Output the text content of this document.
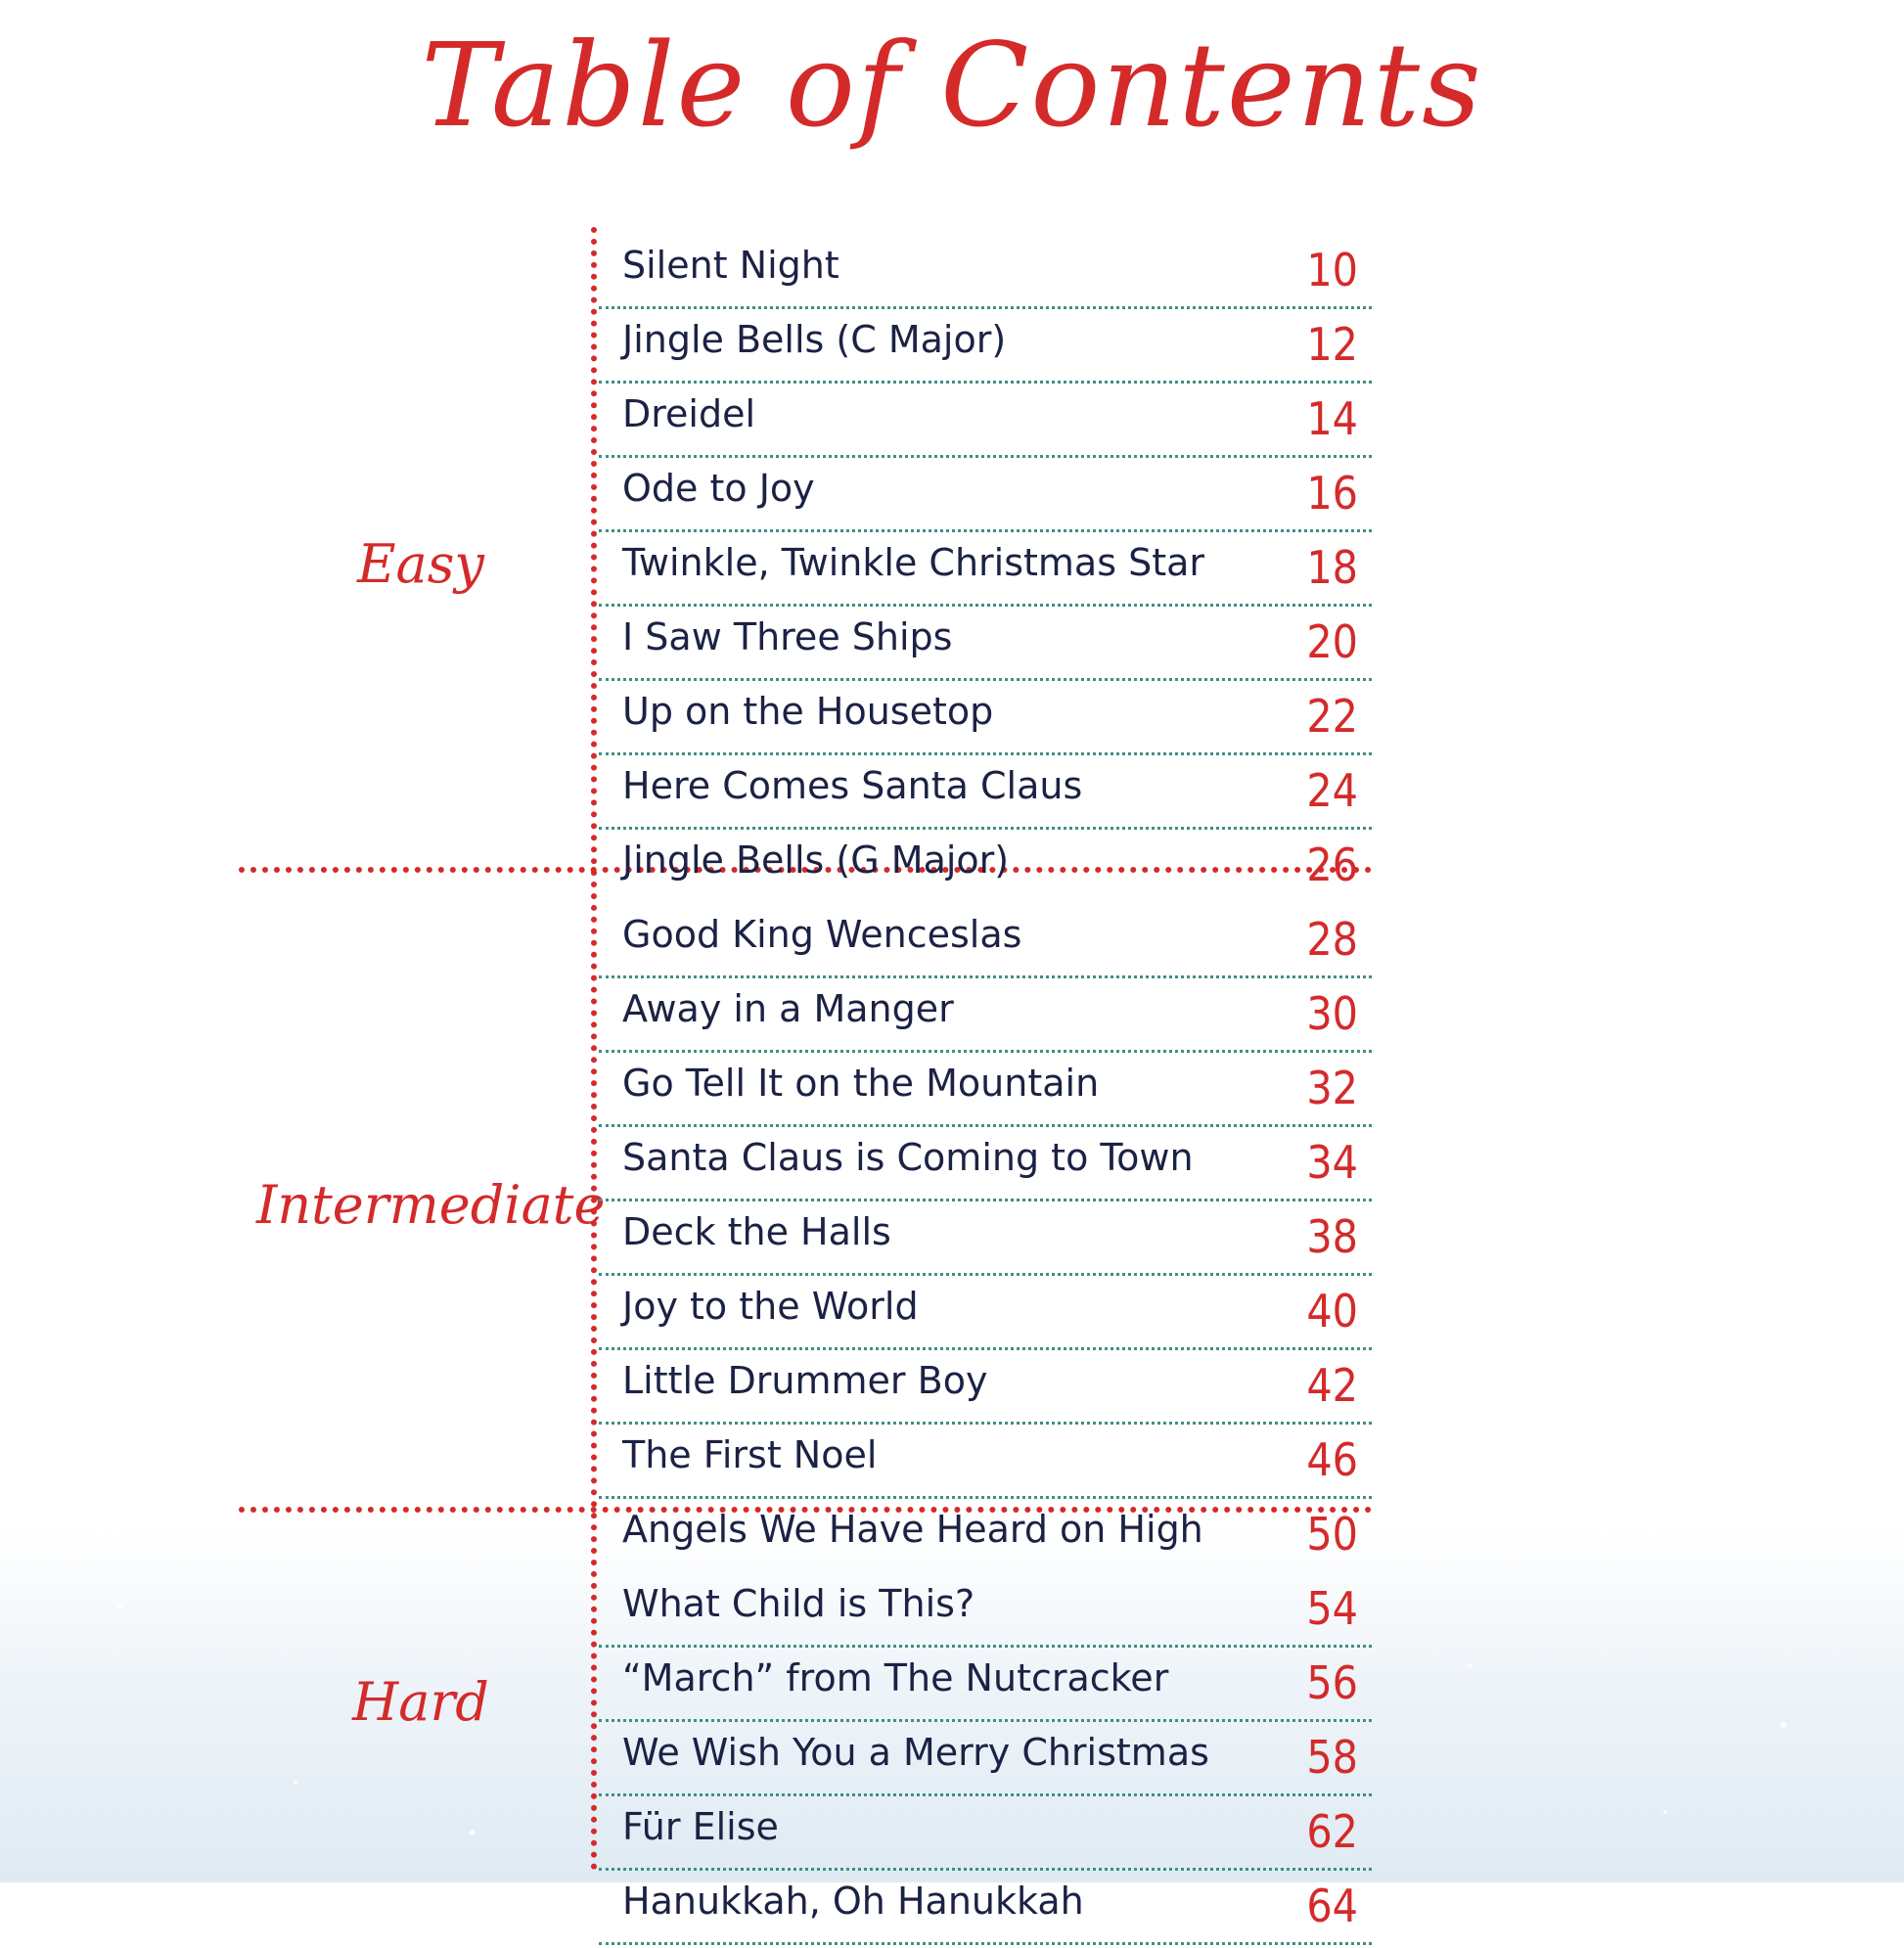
Table of Contents
Easy
Intermediate
Hard
Silent Night	10
Jingle Bells (C Major)	12
Dreidel	14
Ode to Joy	16
Twinkle, Twinkle Christmas Star 18
I Saw Three Ships	20
Up on the Housetop	22
Here Comes Santa Claus	24
Jingle Bells (G Major)	26
Good King Wenceslas	28
Away in a Manger	30
Go Tell It on the Mountain	32
Santa Claus is Coming to Town	34
Deck the Halls	38
Joy to the World	40
Little Drummer Boy	42
The First Noel	46
Angels We Have Heard on High 50
What Child is This?	54
“March” from The Nutcracker	56
We Wish You a Merry Christmas 58
Für Elise	62
Hanukkah, Oh Hanukkah	64
